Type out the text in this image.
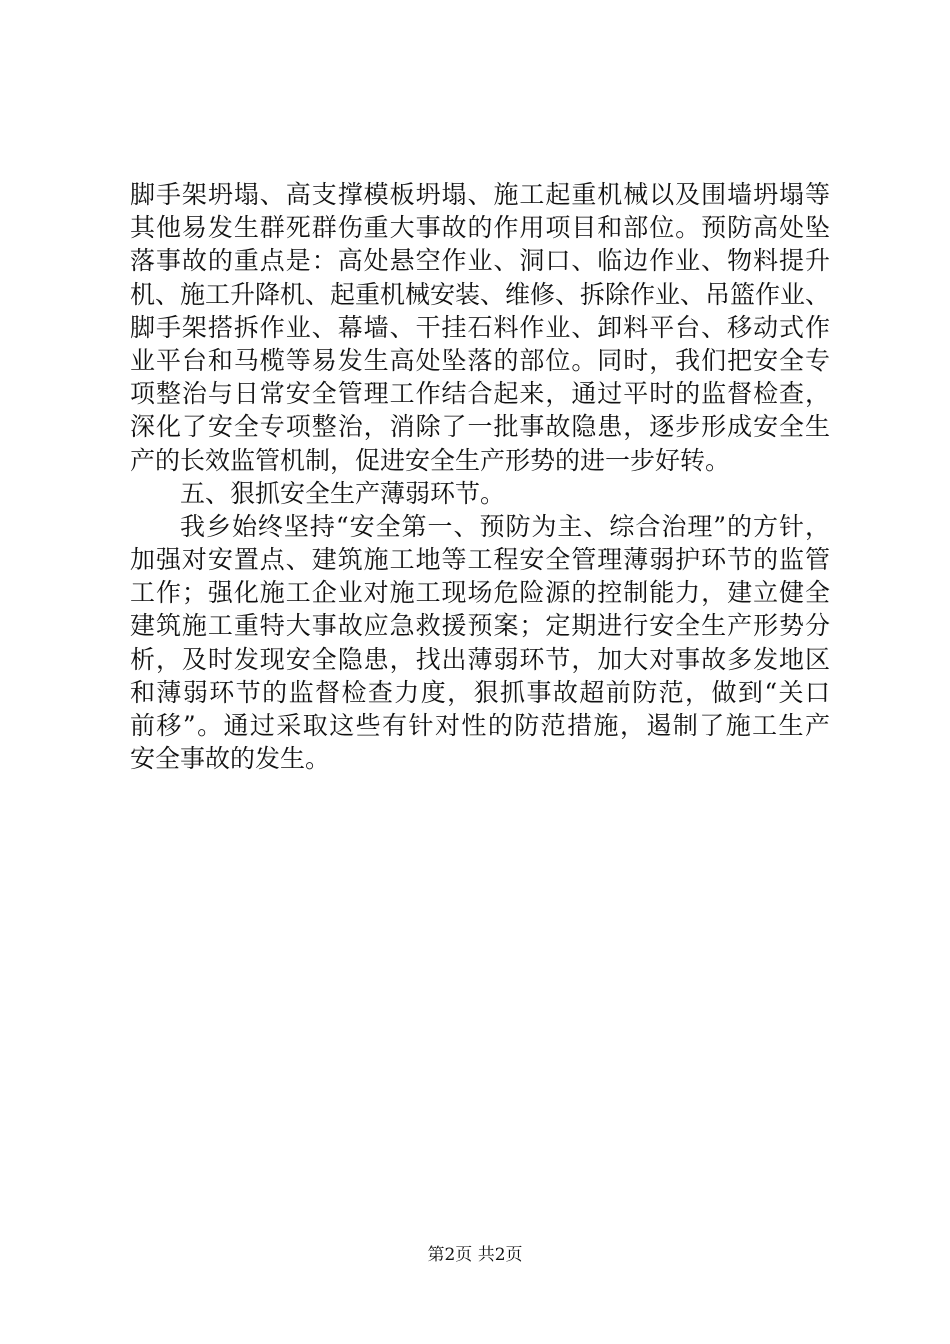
脚手架坍塌、高支撑模板坍塌、施工起重机械以及围墙坍塌等
其他易发生群死群伤重大事故的作用项目和部位。预防高处坠
落事故的重点是：高处悬空作业、洞口、临边作业、物料提升
机、施工升降机、起重机械安装、维修、拆除作业、吊篮作业、
脚手架搭拆作业、幕墙、干挂石料作业、卸料平台、移动式作
业平台和马榄等易发生高处坠落的部位。同时，我们把安全专
项整治与日常安全管理工作结合起来，通过平时的监督检查，
深化了安全专项整治，消除了一批事故隐患，逐步形成安全生
产的长效监管机制，促进安全生产形势的进一步好转。
五、狠抓安全生产薄弱环节。
我乡始终坚持“安全第一、预防为主、综合治理”的方针，
加强对安置点、建筑施工地等工程安全管理薄弱护环节的监管
工作；强化施工企业对施工现场危险源的控制能力，建立健全
建筑施工重特大事故应急救援预案；定期进行安全生产形势分
析，及时发现安全隐患，找出薄弱环节，加大对事故多发地区
和薄弱环节的监督检查力度，狠抓事故超前防范，做到“关口
前移”。通过采取这些有针对性的防范措施，遏制了施工生产
安全事故的发生。
第2页 共2页
